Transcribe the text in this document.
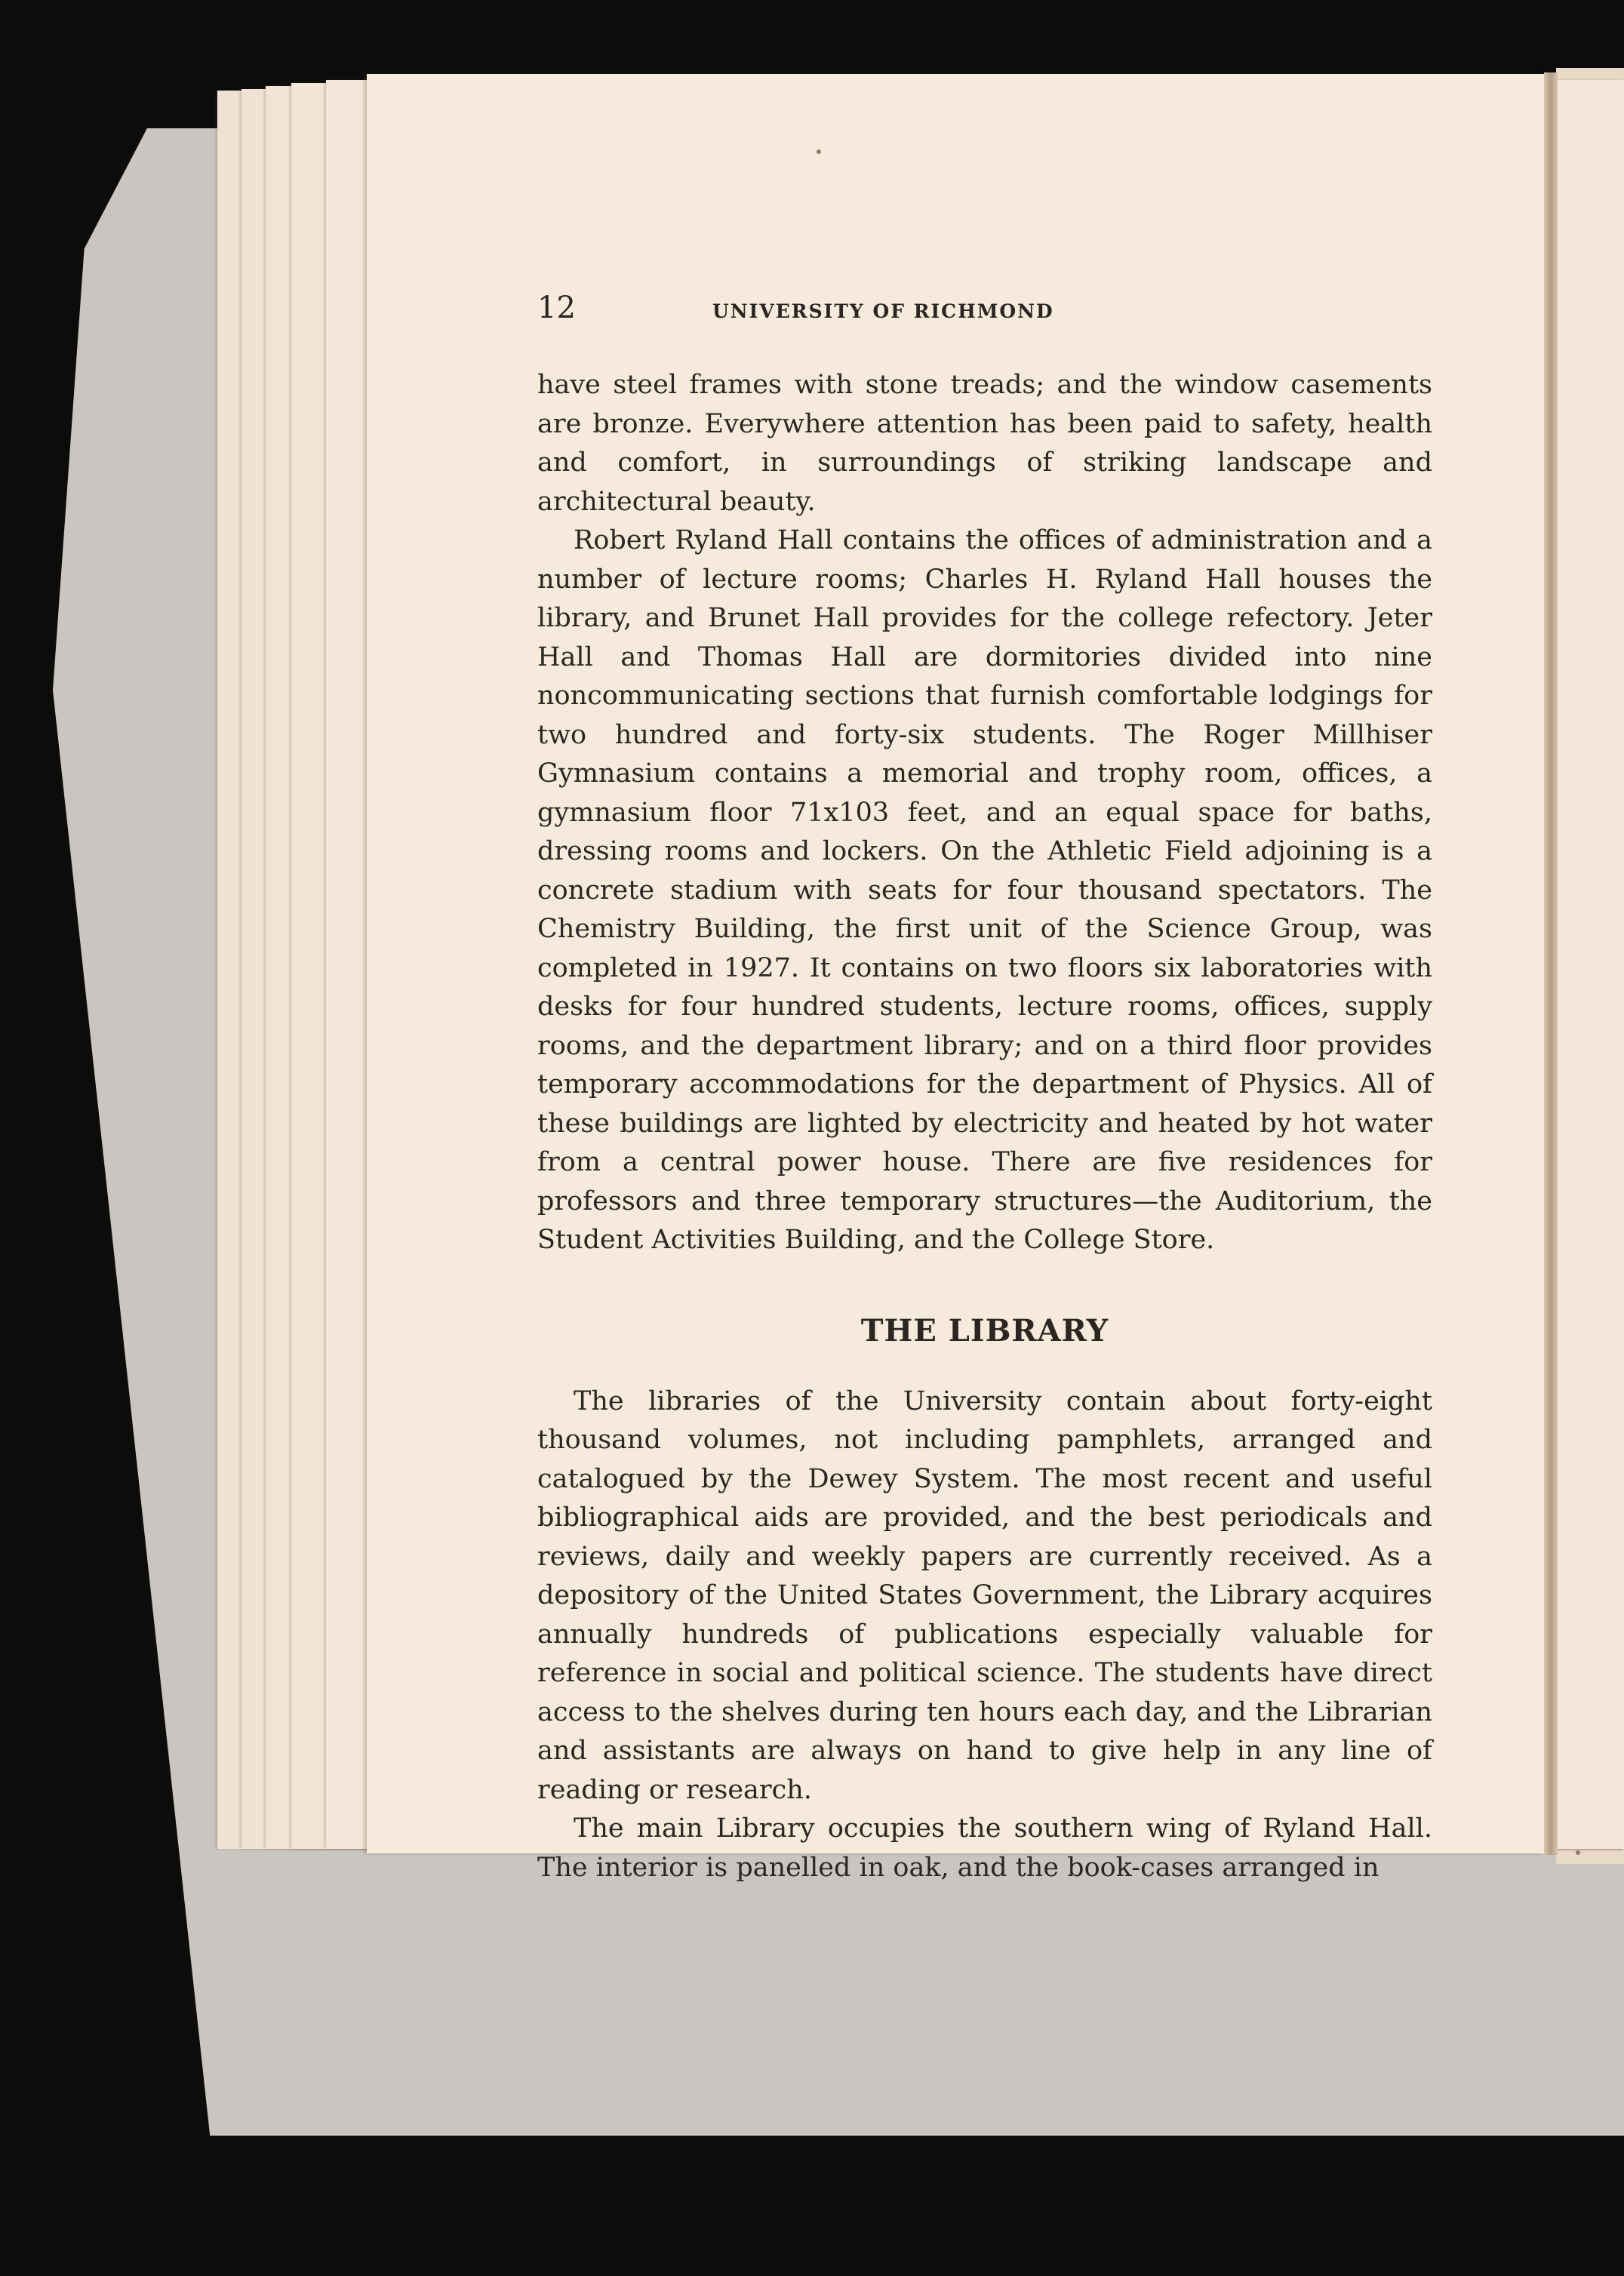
12	UNIVERSITY OF RICHMOND

have steel frames with stone treads; and the window casements are bronze. Everywhere attention has been paid to safety, health and comfort, in surroundings of striking landscape and architectural beauty.

Robert Ryland Hall contains the offices of administration and a number of lecture rooms; Charles H. Ryland Hall houses the library, and Brunet Hall provides for the college refectory. Jeter Hall and Thomas Hall are dormitories divided into nine noncommunicating sections that furnish comfortable lodgings for two hundred and forty-six students. The Roger Millhiser Gymnasium contains a memorial and trophy room, offices, a gymnasium floor 71x103 feet, and an equal space for baths, dressing rooms and lockers. On the Athletic Field adjoining is a concrete stadium with seats for four thousand spectators. The Chemistry Building, the first unit of the Science Group, was completed in 1927. It contains on two floors six laboratories with desks for four hundred students, lecture rooms, offices, supply rooms, and the department library; and on a third floor provides temporary accommodations for the department of Physics. All of these buildings are lighted by electricity and heated by hot water from a central power house. There are five residences for professors and three temporary structures—the Auditorium, the Student Activities Building, and the College Store.

THE LIBRARY

The libraries of the University contain about forty-eight thousand volumes, not including pamphlets, arranged and catalogued by the Dewey System. The most recent and useful bibliographical aids are provided, and the best periodicals and reviews, daily and weekly papers are currently received. As a depository of the United States Government, the Library acquires annually hundreds of publications especially valuable for reference in social and political science. The students have direct access to the shelves during ten hours each day, and the Librarian and assistants are always on hand to give help in any line of reading or research.

The main Library occupies the southern wing of Ryland Hall. The interior is panelled in oak, and the book-cases arranged in
